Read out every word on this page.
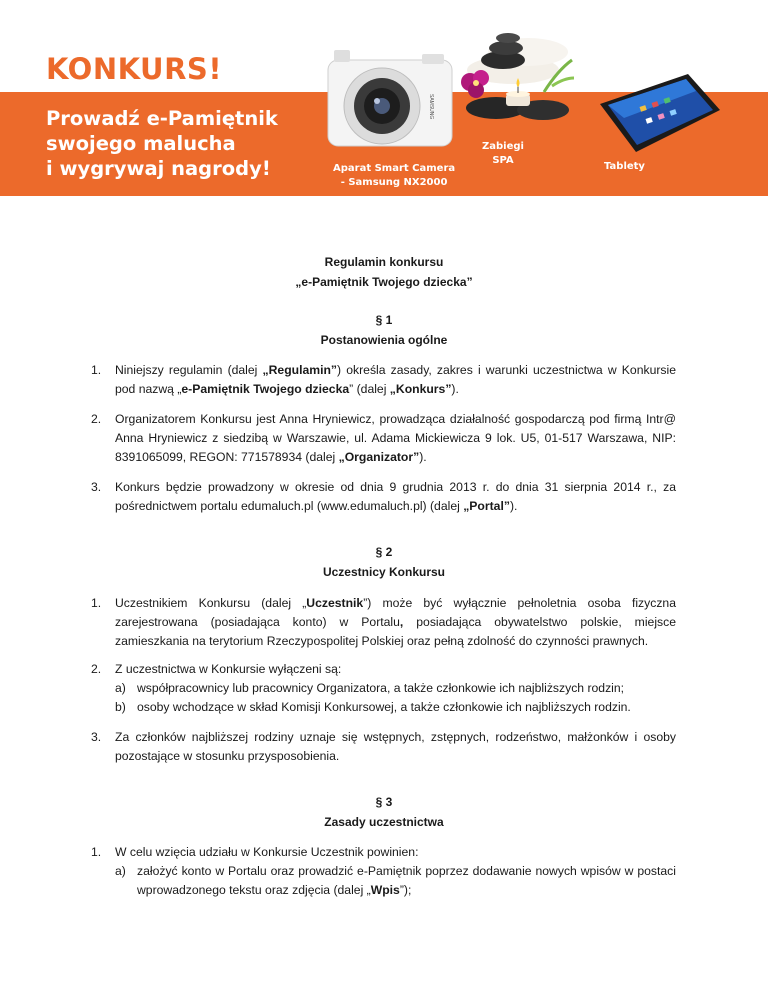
KONKURS!
Prowadź e-Pamiętnik
swojego malucha
i wygrywaj nagrody!
SAMSUNG
Aparat Smart Camera
- Samsung NX2000
Zabiegi
SPA
Tablety
Regulamin konkursu
„e-Pamiętnik Twojego dziecka”
§ 1
Postanowienia ogólne
1. Niniejszy regulamin (dalej „Regulamin”) określa zasady, zakres i warunki uczestnictwa w Konkursie pod nazwą „e-Pamiętnik Twojego dziecka” (dalej „Konkurs”).
2. Organizatorem Konkursu jest Anna Hryniewicz, prowadząca działalność gospodarczą pod firmą Intr@ Anna Hryniewicz z siedzibą w Warszawie, ul. Adama Mickiewicza 9 lok. U5, 01-517 Warszawa, NIP: 8391065099, REGON: 771578934 (dalej „Organizator”).
3. Konkurs będzie prowadzony w okresie od dnia 9 grudnia 2013 r. do dnia 31 sierpnia 2014 r., za pośrednictwem portalu edumaluch.pl (www.edumaluch.pl) (dalej „Portal”).
§ 2
Uczestnicy Konkursu
1. Uczestnikiem Konkursu (dalej „Uczestnik”) może być wyłącznie pełnoletnia osoba fizyczna zarejestrowana (posiadająca konto) w Portalu, posiadająca obywatelstwo polskie, miejsce zamieszkania na terytorium Rzeczypospolitej Polskiej oraz pełną zdolność do czynności prawnych.
2. Z uczestnictwa w Konkursie wyłączeni są:
a) współpracownicy lub pracownicy Organizatora, a także członkowie ich najbliższych rodzin;
b) osoby wchodzące w skład Komisji Konkursowej, a także członkowie ich najbliższych rodzin.
3. Za członków najbliższej rodziny uznaje się wstępnych, zstępnych, rodzeństwo, małżonków i osoby pozostające w stosunku przysposobienia.
§ 3
Zasady uczestnictwa
1. W celu wzięcia udziału w Konkursie Uczestnik powinien:
a) założyć konto w Portalu oraz prowadzić e-Pamiętnik poprzez dodawanie nowych wpisów w postaci wprowadzonego tekstu oraz zdjęcia (dalej „Wpis”);
